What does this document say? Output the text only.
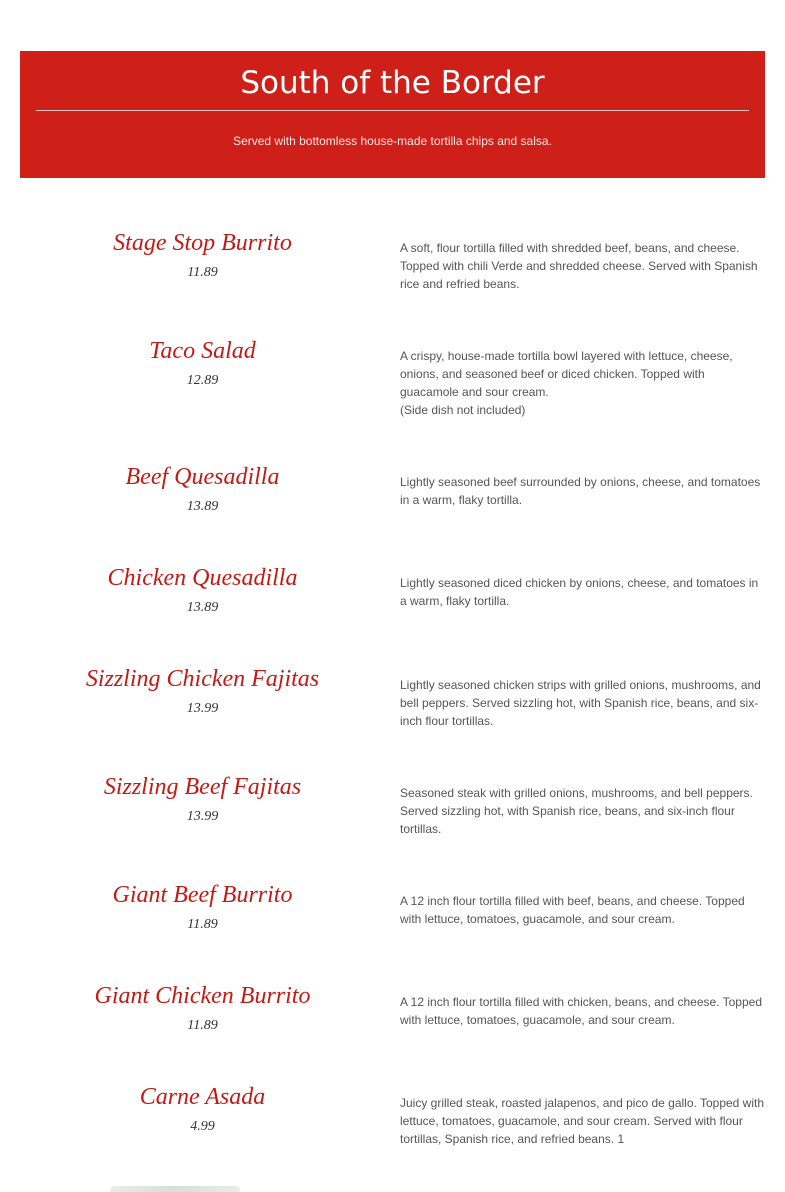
South of the Border
Served with bottomless house-made tortilla chips and salsa.
Stage Stop Burrito
11.89
A soft, flour tortilla filled with shredded beef, beans, and cheese. Topped with chili Verde and shredded cheese. Served with Spanish rice and refried beans.
Taco Salad
12.89
A crispy, house-made tortilla bowl layered with lettuce, cheese, onions, and seasoned beef or diced chicken. Topped with guacamole and sour cream.
(Side dish not included)
Beef Quesadilla
13.89
Lightly seasoned beef surrounded by onions, cheese, and tomatoes in a warm, flaky tortilla.
Chicken Quesadilla
13.89
Lightly seasoned diced chicken by onions, cheese, and tomatoes in a warm, flaky tortilla.
Sizzling Chicken Fajitas
13.99
Lightly seasoned chicken strips with grilled onions, mushrooms, and bell peppers. Served sizzling hot, with Spanish rice, beans, and six-inch flour tortillas.
Sizzling Beef Fajitas
13.99
Seasoned steak with grilled onions, mushrooms, and bell peppers. Served sizzling hot, with Spanish rice, beans, and six-inch flour tortillas.
Giant Beef Burrito
11.89
A 12 inch flour tortilla filled with beef, beans, and cheese. Topped with lettuce, tomatoes, guacamole, and sour cream.
Giant Chicken Burrito
11.89
A 12 inch flour tortilla filled with chicken, beans, and cheese. Topped with lettuce, tomatoes, guacamole, and sour cream.
Carne Asada
4.99
Juicy grilled steak, roasted jalapenos, and pico de gallo. Topped with lettuce, tomatoes, guacamole, and sour cream. Served with flour tortillas, Spanish rice, and refried beans. 1
